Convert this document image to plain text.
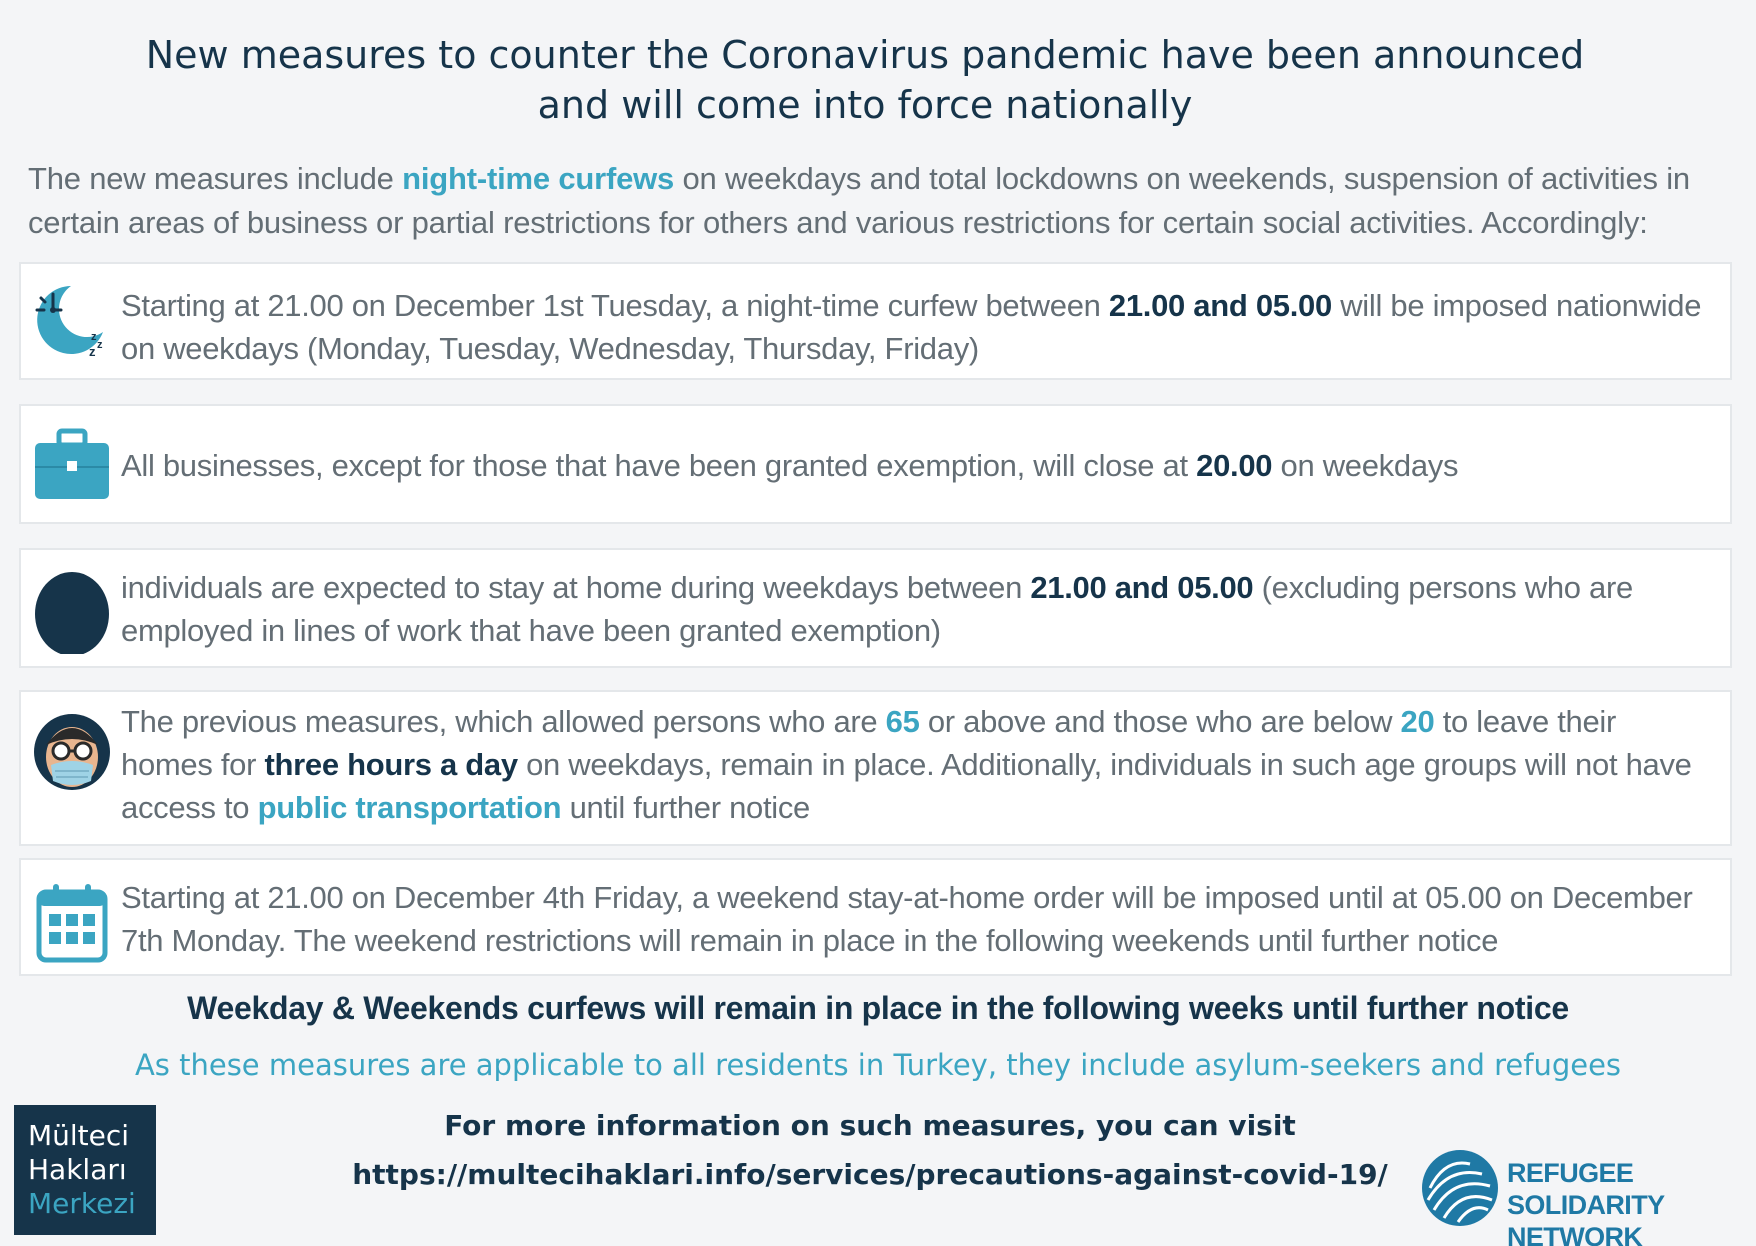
New measures to counter the Coronavirus pandemic have been announced
and will come into force nationally
The new measures include night-time curfews on weekdays and total lockdowns on weekends, suspension of activities in certain areas of business or partial restrictions for others and various restrictions for certain social activities. Accordingly:
z
z
z
Starting at 21.00 on December 1st Tuesday, a night-time curfew between 21.00 and 05.00 will be imposed nationwide on weekdays (Monday, Tuesday, Wednesday, Thursday, Friday)
All businesses, except for those that have been granted exemption, will close at 20.00 on weekdays
individuals are expected to stay at home during weekdays between 21.00 and 05.00 (excluding persons who are employed in lines of work that have been granted exemption)
The previous measures, which allowed persons who are 65 or above and those who are below 20 to leave their homes for three hours a day on weekdays, remain in place. Additionally, individuals in such age groups will not have access to public transportation until further notice
Starting at 21.00 on December 4th Friday, a weekend stay-at-home order will be imposed until at 05.00 on December 7th Monday. The weekend restrictions will remain in place in the following weekends until further notice
Weekday & Weekends curfews will remain in place in the following weeks until further notice
As these measures are applicable to all residents in Turkey, they include asylum-seekers and refugees
For more information on such measures, you can visit
https://multecihaklari.info/services/precautions-against-covid-19/
Mülteci
Hakları
Merkezi
REFUGEE SOLIDARITY
NETWORK
